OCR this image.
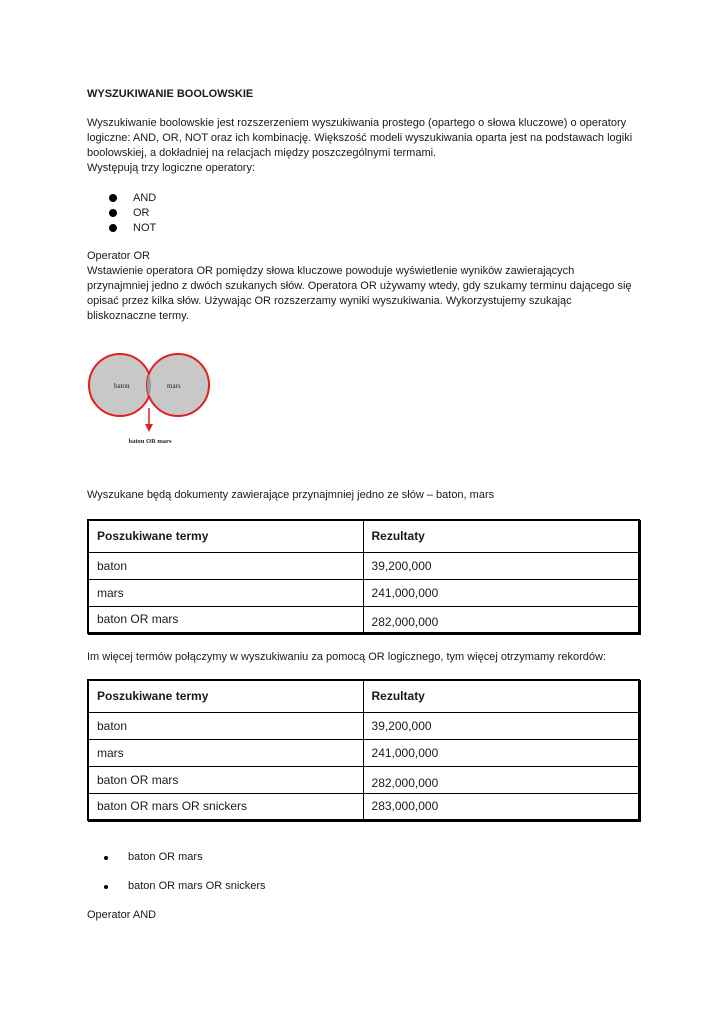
WYSZUKIWANIE BOOLOWSKIE
Wyszukiwanie boolowskie jest rozszerzeniem wyszukiwania prostego (opartego o słowa kluczowe) o operatory
logiczne: AND, OR, NOT oraz ich kombinację. Większość modeli wyszukiwania oparta jest na podstawach logiki
boolowskiej, a dokładniej na relacjach między poszczególnymi termami.
Występują trzy logiczne operatory:
AND
OR
NOT
Operator OR
Wstawienie operatora OR pomiędzy słowa kluczowe powoduje wyświetlenie wyników zawierających
przynajmniej jedno z dwóch szukanych słów. Operatora OR używamy wtedy, gdy szukamy terminu dającego się
opisać przez kilka słów. Używając OR rozszerzamy wyniki wyszukiwania. Wykorzystujemy szukając
bliskoznaczne termy.
baton	mars
baton OR mars
Wyszukane będą dokumenty zawierające przynajmniej jedno ze słów – baton, mars
Poszukiwane termy	Rezultaty
baton	39,200,000
mars	241,000,000
baton OR mars	282,000,000
Im więcej termów połączymy w wyszukiwaniu za pomocą OR logicznego, tym więcej otrzymamy rekordów:
Poszukiwane termy	Rezultaty
baton	39,200,000
mars	241,000,000
baton OR mars	282,000,000
baton OR mars OR snickers	283,000,000
baton OR mars
baton OR mars OR snickers
Operator AND
